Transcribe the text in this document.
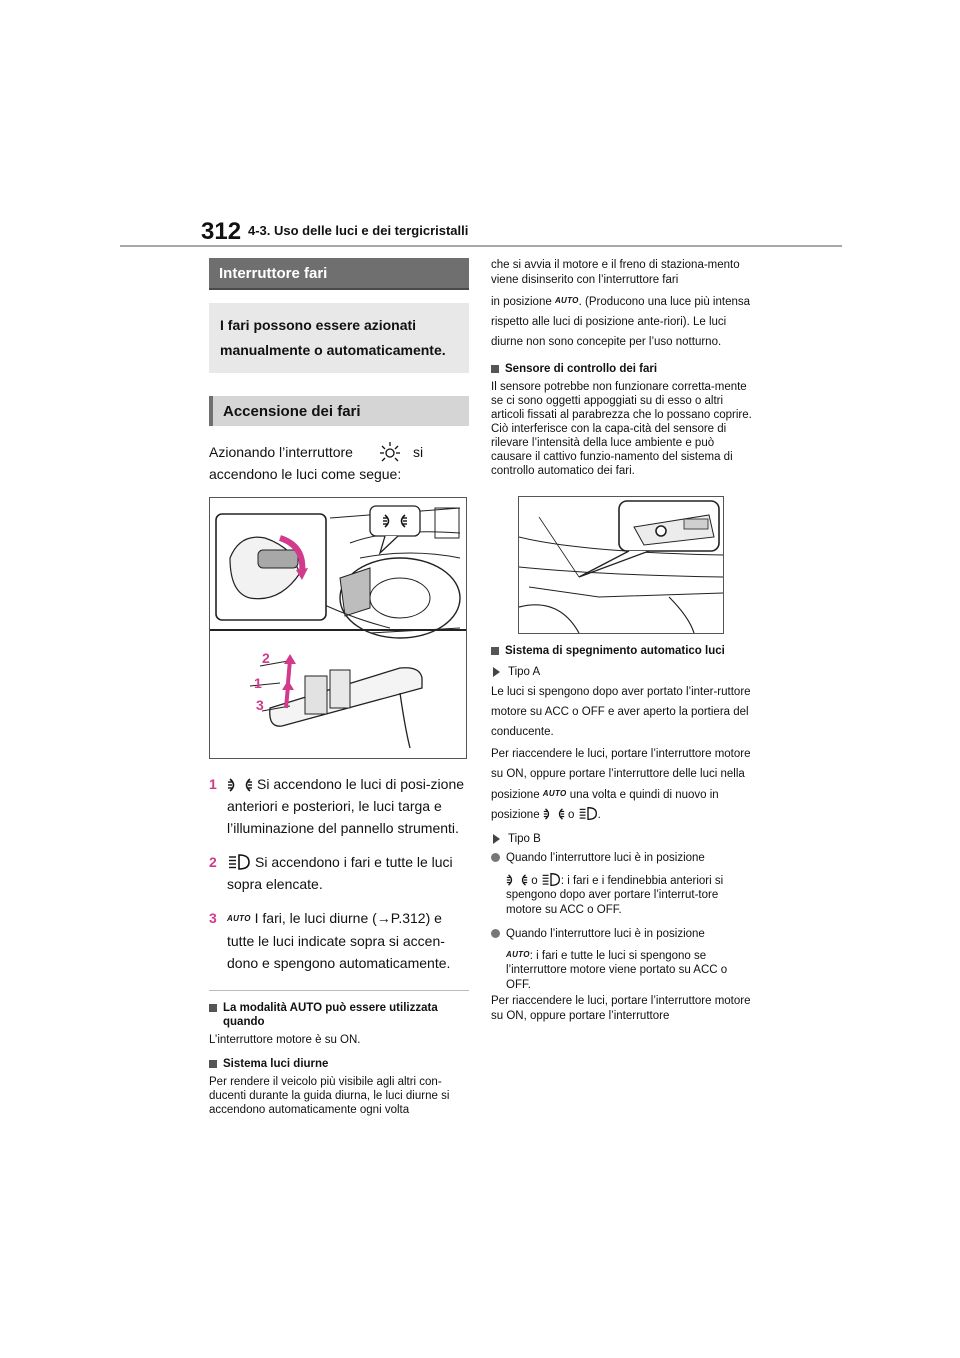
312 4-3. Uso delle luci e dei tergicristalli
Interruttore fari
I fari possono essere azionati manualmente o automaticamente.
Accensione dei fari
Azionando l’interruttore	si
accendono le luci come segue:
2
1
3
1	Si accendono le luci di posi-zione anteriori e posteriori, le luci targa e l’illuminazione del pannello strumenti.
2	Si accendono i fari e tutte le luci sopra elencate.
3	AUTO I fari, le luci diurne (→P.312) e tutte le luci indicate sopra si accen-dono e spengono automaticamente.
La modalità AUTO può essere utilizzata quando
L’interruttore motore è su ON.
Sistema luci diurne
Per rendere il veicolo più visibile agli altri con-ducenti durante la guida diurna, le luci diurne si accendono automaticamente ogni volta
che si avvia il motore e il freno di staziona-mento viene disinserito con l’interruttore fari
in posizione AUTO. (Producono una luce più intensa rispetto alle luci di posizione ante-riori). Le luci diurne non sono concepite per l’uso notturno.
Sensore di controllo dei fari
Il sensore potrebbe non funzionare corretta-mente se ci sono oggetti appoggiati su di esso o altri articoli fissati al parabrezza che lo possano coprire. Ciò interferisce con la capa-cità del sensore di rilevare l’intensità della luce ambiente e può causare il cattivo funzio-namento del sistema di controllo automatico dei fari.
Sistema di spegnimento automatico luci
Tipo A
Le luci si spengono dopo aver portato l’inter-ruttore motore su ACC o OFF e aver aperto la portiera del conducente.
Per riaccendere le luci, portare l’interruttore motore su ON, oppure portare l’interruttore delle luci nella posizione AUTO una volta e quindi di nuovo in posizione o .
Tipo B
Quando l’interruttore luci è in posizione
o : i fari e i fendinebbia anteriori si spengono dopo aver portare l’interrut-tore motore su ACC o OFF.
Quando l’interruttore luci è in posizione
AUTO: i fari e tutte le luci si spengono se l’interruttore motore viene portato su ACC o OFF.
Per riaccendere le luci, portare l’interruttore motore su ON, oppure portare l’interruttore
